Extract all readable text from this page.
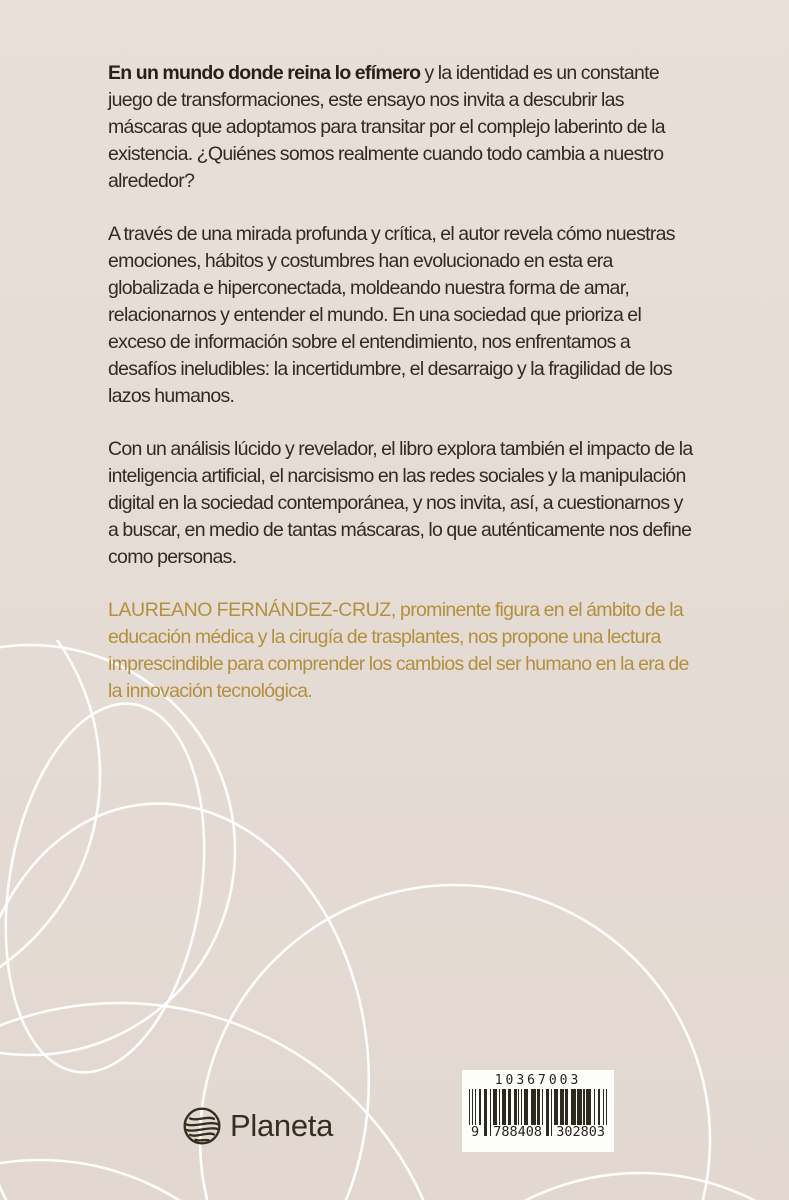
En un mundo donde reina lo efímero y la identidad es un constante juego de transformaciones, este ensayo nos invita a descubrir las máscaras que adoptamos para transitar por el complejo laberinto de la existencia. ¿Quiénes somos realmente cuando todo cambia a nuestro alrededor?

A través de una mirada profunda y crítica, el autor revela cómo nuestras emociones, hábitos y costumbres han evolucionado en esta era globalizada e hiperconectada, moldeando nuestra forma de amar, relacionarnos y entender el mundo. En una sociedad que prioriza el exceso de información sobre el entendimiento, nos enfrentamos a desafíos ineludibles: la incertidumbre, el desarraigo y la fragilidad de los lazos humanos.

Con un análisis lúcido y revelador, el libro explora también el impacto de la inteligencia artificial, el narcisismo en las redes sociales y la manipulación digital en la sociedad contemporánea, y nos invita, así, a cuestionarnos y a buscar, en medio de tantas máscaras, lo que auténticamente nos define como personas.

LAUREANO FERNÁNDEZ-CRUZ, prominente figura en el ámbito de la educación médica y la cirugía de trasplantes, nos propone una lectura imprescindible para comprender los cambios del ser humano en la era de la innovación tecnológica.

Planeta
10367003
9 788408 302803
